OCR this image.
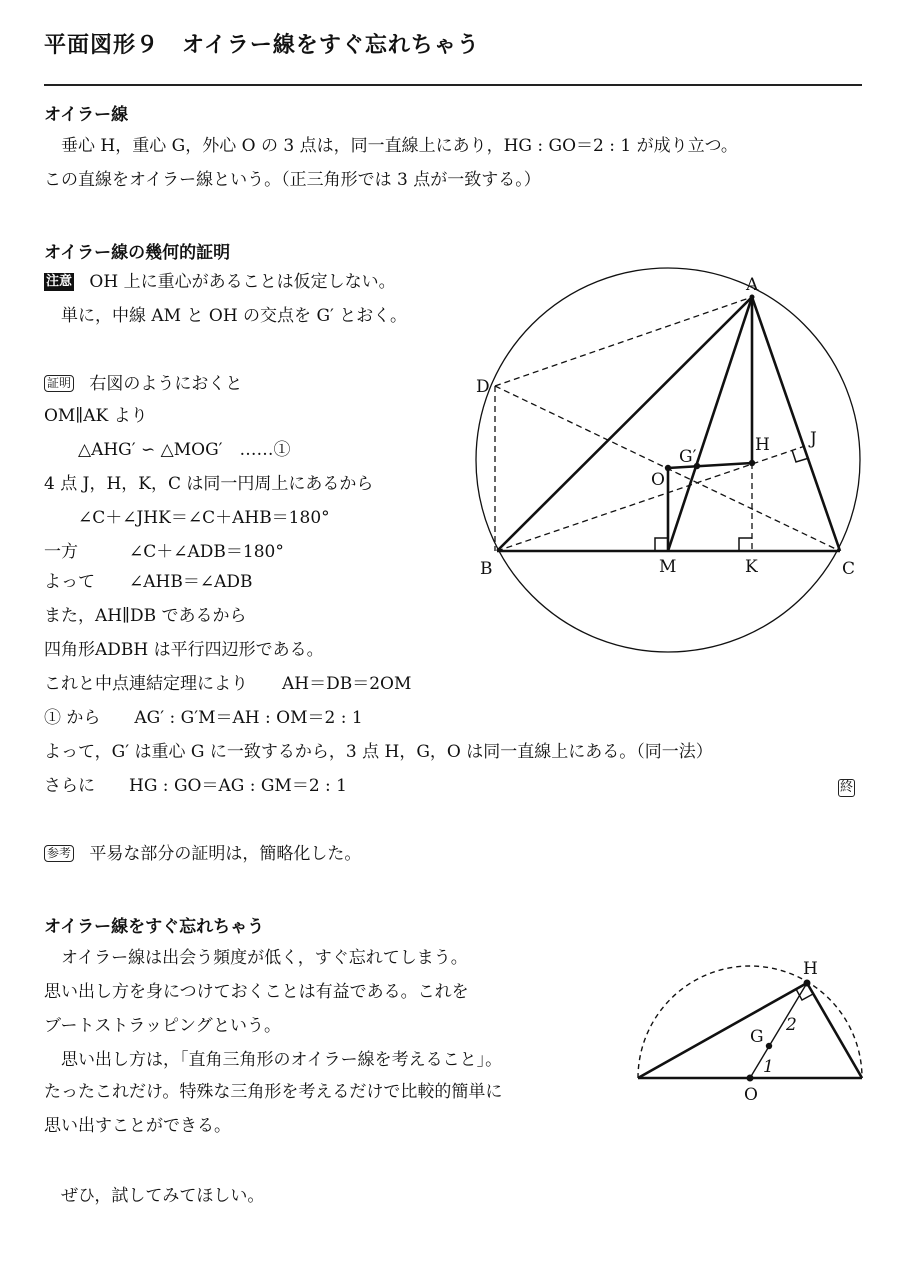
平面図形９　オイラー線をすぐ忘れちゃう
オイラー線
　垂心 H，重心 G，外心 O の 3 点は，同一直線上にあり，HG : GO＝2 : 1 が成り立つ。
この直線をオイラー線という。（正三角形では 3 点が一致する。）
オイラー線の幾何的証明
注意 OH 上に重心があることは仮定しない。
　単に，中線 AM と OH の交点を G′ とおく。
証明 右図のようにおくと
OM∥AK より
　　△AHG′ ∽ △MOG′　……①
4 点 J，H，K，C は同一円周上にあるから
　　∠C＋∠JHK＝∠C＋AHB＝180°
一方　　　∠C＋∠ADB＝180°
よって　　∠AHB＝∠ADB
また，AH∥DB であるから
四角形ADBH は平行四辺形である。
これと中点連結定理により　　AH＝DB＝2OM
① から　　AG′ : G′M＝AH : OM＝2 : 1
よって，G′ は重心 G に一致するから，3 点 H，G，O は同一直線上にある。（同一法）
さらに　　HG : GO＝AG : GM＝2 : 1	終
参考 平易な部分の証明は，簡略化した。
オイラー線をすぐ忘れちゃう
　オイラー線は出会う頻度が低く，すぐ忘れてしまう。
思い出し方を身につけておくことは有益である。これを
ブートストラッピングという。
　思い出し方は，「直角三角形のオイラー線を考えること」。
たったこれだけ。特殊な三角形を考えるだけで比較的簡単に
思い出すことができる。
　ぜひ，試してみてほしい。
A
B	C
D
H J
G′
O
M	K
H
G
O
2
1
